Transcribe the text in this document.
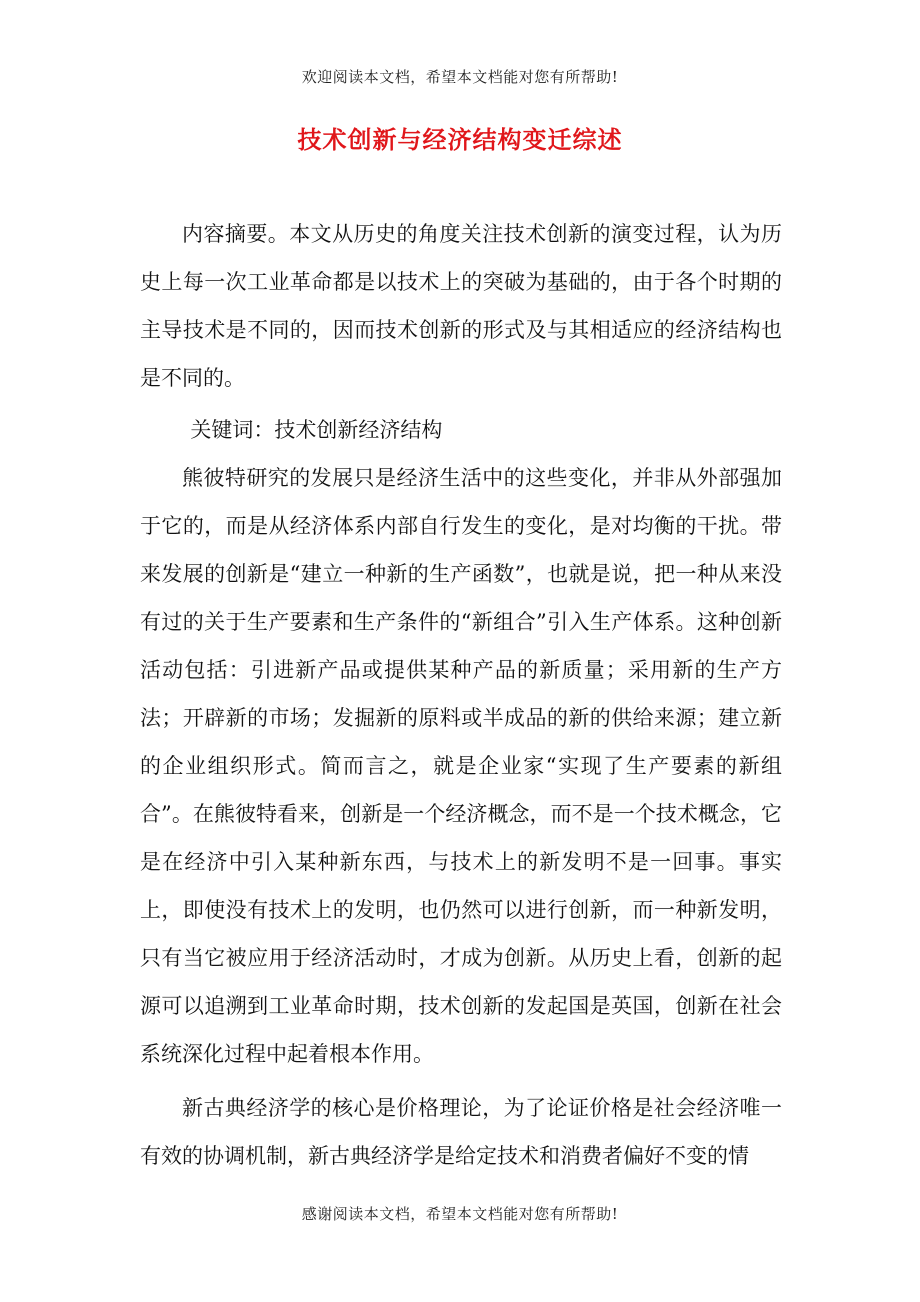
欢迎阅读本文档，希望本文档能对您有所帮助!
技术创新与经济结构变迁综述

内容摘要。本文从历史的角度关注技术创新的演变过程，认为历史上每一次工业革命都是以技术上的突破为基础的，由于各个时期的主导技术是不同的，因而技术创新的形式及与其相适应的经济结构也是不同的。

关键词：技术创新经济结构

熊彼特研究的发展只是经济生活中的这些变化，并非从外部强加于它的，而是从经济体系内部自行发生的变化，是对均衡的干扰。带来发展的创新是“建立一种新的生产函数”，也就是说，把一种从来没有过的关于生产要素和生产条件的“新组合”引入生产体系。这种创新活动包括：引进新产品或提供某种产品的新质量；采用新的生产方法；开辟新的市场；发掘新的原料或半成品的新的供给来源；建立新的企业组织形式。简而言之，就是企业家“实现了生产要素的新组合”。在熊彼特看来，创新是一个经济概念，而不是一个技术概念，它是在经济中引入某种新东西，与技术上的新发明不是一回事。事实上，即使没有技术上的发明，也仍然可以进行创新，而一种新发明，只有当它被应用于经济活动时，才成为创新。从历史上看，创新的起源可以追溯到工业革命时期，技术创新的发起国是英国，创新在社会系统深化过程中起着根本作用。

新古典经济学的核心是价格理论，为了论证价格是社会经济唯一有效的协调机制，新古典经济学是给定技术和消费者偏好不变的情

感谢阅读本文档，希望本文档能对您有所帮助!
